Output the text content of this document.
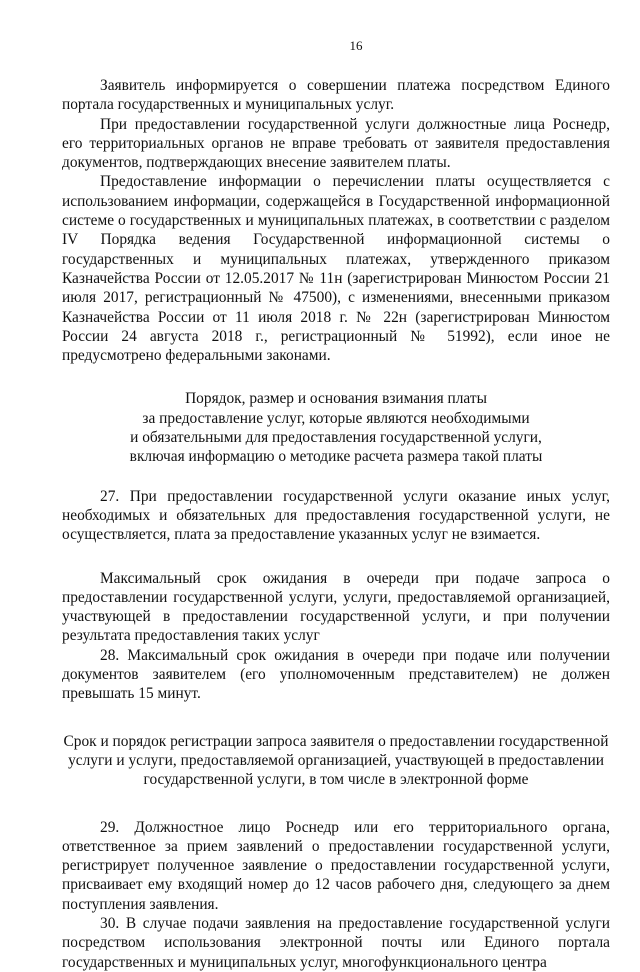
16

Заявитель информируется о совершении платежа посредством Единого портала государственных и муниципальных услуг.

При предоставлении государственной услуги должностные лица Роснедр, его территориальных органов не вправе требовать от заявителя предоставления документов, подтверждающих внесение заявителем платы.

Предоставление информации о перечислении платы осуществляется с использованием информации, содержащейся в Государственной информационной системе о государственных и муниципальных платежах, в соответствии с разделом IV Порядка ведения Государственной информационной системы о государственных и муниципальных платежах, утвержденного приказом Казначейства России от 12.05.2017 № 11н (зарегистрирован Минюстом России 21 июля 2017, регистрационный № 47500), с изменениями, внесенными приказом Казначейства России от 11 июля 2018 г. № 22н (зарегистрирован Минюстом России 24 августа 2018 г., регистрационный № 51992), если иное не предусмотрено федеральными законами.

Порядок, размер и основания взимания платы
за предоставление услуг, которые являются необходимыми
и обязательными для предоставления государственной услуги,
включая информацию о методике расчета размера такой платы

27. При предоставлении государственной услуги оказание иных услуг, необходимых и обязательных для предоставления государственной услуги, не осуществляется, плата за предоставление указанных услуг не взимается.

Максимальный срок ожидания в очереди при подаче запроса о предоставлении государственной услуги, услуги, предоставляемой организацией, участвующей в предоставлении государственной услуги, и при получении результата предоставления таких услуг

28. Максимальный срок ожидания в очереди при подаче или получении документов заявителем (его уполномоченным представителем) не должен превышать 15 минут.

Срок и порядок регистрации запроса заявителя о предоставлении государственной
услуги и услуги, предоставляемой организацией, участвующей в предоставлении
государственной услуги, в том числе в электронной форме

29. Должностное лицо Роснедр или его территориального органа, ответственное за прием заявлений о предоставлении государственной услуги, регистрирует полученное заявление о предоставлении государственной услуги, присваивает ему входящий номер до 12 часов рабочего дня, следующего за днем поступления заявления.

30. В случае подачи заявления на предоставление государственной услуги посредством использования электронной почты или Единого портала государственных и муниципальных услуг, многофункционального центра
